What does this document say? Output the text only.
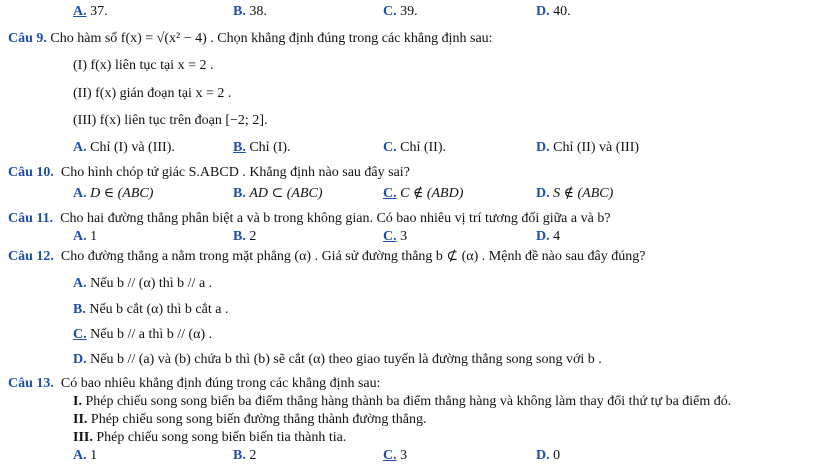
A. 37.	B. 38.	C. 39.	D. 40.
Câu 9. Cho hàm số f(x) = √(x² − 4) . Chọn khẳng định đúng trong các khẳng định sau:
(I) f(x) liên tục tại x = 2 .
(II) f(x) gián đoạn tại x = 2 .
(III) f(x) liên tục trên đoạn [−2; 2].
A. Chỉ (I) và (III).	B. Chỉ (I).	C. Chỉ (II).	D. Chỉ (II) và (III)
Câu 10. Cho hình chóp tứ giác S.ABCD . Khẳng định nào sau đây sai?
A. D ∈ (ABC)	B. AD ⊂ (ABC)	C. C ∉ (ABD)	D. S ∉ (ABC)
Câu 11. Cho hai đường thẳng phân biệt a và b trong không gian. Có bao nhiêu vị trí tương đối giữa a và b?
A. 1	B. 2	C. 3	D. 4
Câu 12. Cho đường thẳng a nằm trong mặt phẳng (α) . Giả sử đường thẳng b ⊄ (α) . Mệnh đề nào sau đây đúng?
A. Nếu b // (α) thì b // a .
B. Nếu b cắt (α) thì b cắt a .
C. Nếu b // a thì b // (α) .
D. Nếu b // (a) và (b) chứa b thì (b) sẽ cắt (α) theo giao tuyến là đường thẳng song song với b .
Câu 13. Có bao nhiêu khẳng định đúng trong các khẳng định sau:
I. Phép chiếu song song biến ba điểm thẳng hàng thành ba điểm thẳng hàng và không làm thay đổi thứ tự ba điểm đó.
II. Phép chiếu song song biến đường thẳng thành đường thẳng.
III. Phép chiếu song song biến biến tia thành tia.
A. 1	B. 2	C. 3	D. 0
